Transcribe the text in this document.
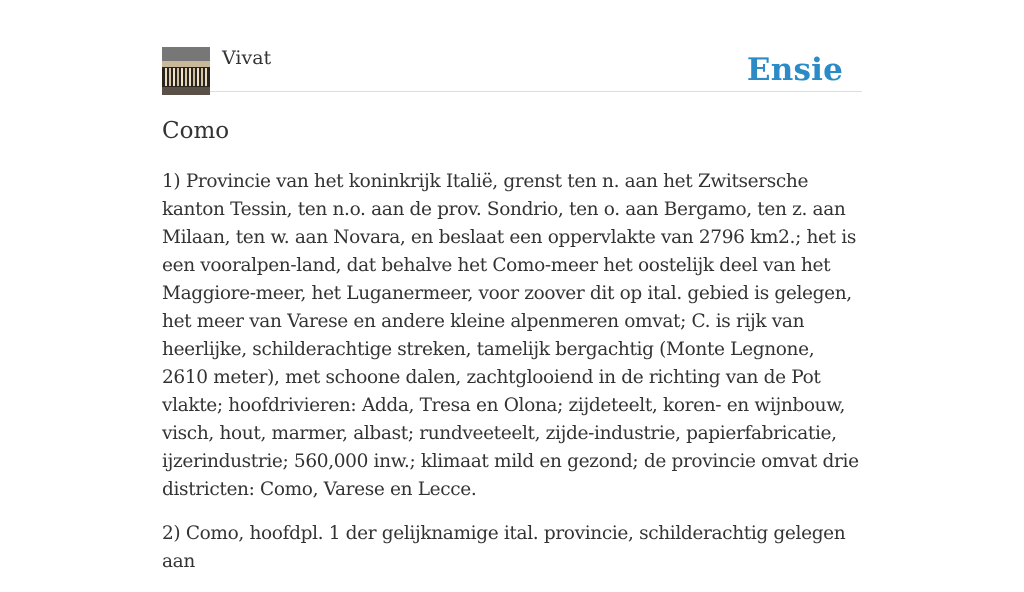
Vivat	Ensie
Como

1) Provincie van het koninkrijk Italië, grenst ten n. aan het Zwitsersche kanton Tessin, ten n.o. aan de prov. Sondrio, ten o. aan Bergamo, ten z. aan Milaan, ten w. aan Novara, en beslaat een oppervlakte van 2796 km2.; het is een vooralpen-land, dat behalve het Como-meer het oostelijk deel van het Maggiore-meer, het Luganermeer, voor zoover dit op ital. gebied is gelegen, het meer van Varese en andere kleine alpenmeren omvat; C. is rijk van heerlijke, schilderachtige streken, tamelijk bergachtig (Monte Legnone, 2610 meter), met schoone dalen, zachtglooiend in de richting van de Pot vlakte; hoofdrivieren: Adda, Tresa en Olona; zijdeteelt, koren- en wijnbouw, visch, hout, marmer, albast; rundveeteelt, zijde-industrie, papierfabricatie, ijzerindustrie; 560,000 inw.; klimaat mild en gezond; de provincie omvat drie districten: Como, Varese en Lecce.

2) Como, hoofdpl. 1 der gelijknamige ital. provincie, schilderachtig gelegen aan
